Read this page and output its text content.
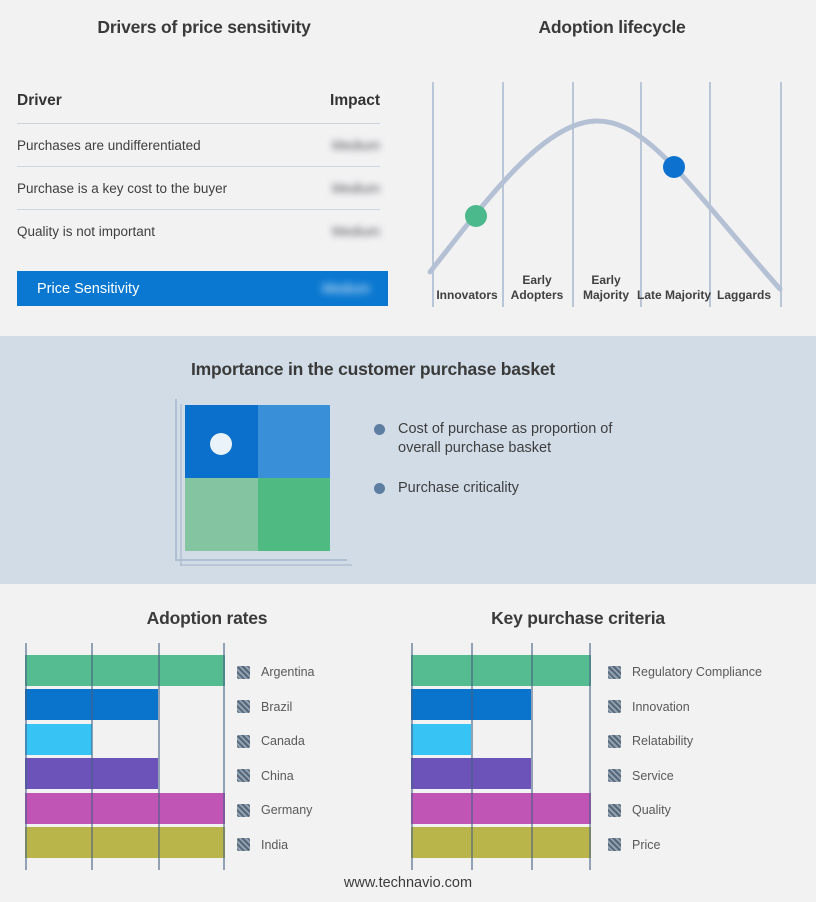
Drivers of price sensitivity
Driver	Impact
Purchases are undifferentiated	Medium
Purchase is a key cost to the buyer	Medium
Quality is not important	Medium
Price Sensitivity	Medium
Adoption lifecycle
Innovators
Early Adopters
Early Majority Late Majority Laggards
Importance in the customer purchase basket
Cost of purchase as proportion of overall purchase basket
Purchase criticality
Adoption rates	Key purchase criteria
Argentina
Brazil
Canada
China
Germany
India
Regulatory Compliance
Innovation
Relatability
Service
Quality
Price
www.technavio.com
